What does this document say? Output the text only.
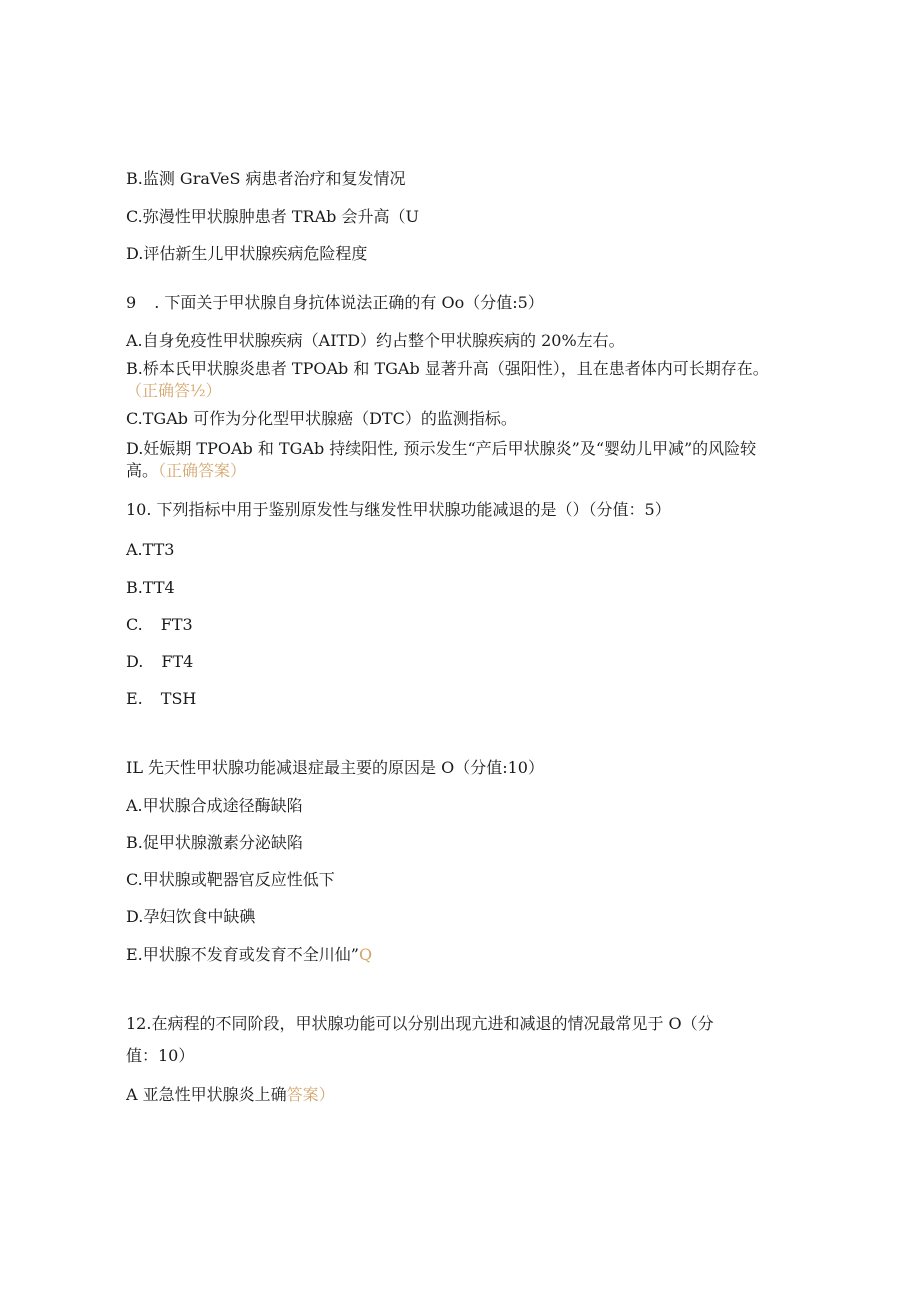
B.监测 GraVeS 病患者治疗和复发情况
C.弥漫性甲状腺肿患者 TRAb 会升高（U
D.评估新生儿甲状腺疾病危险程度
9 . 下面关于甲状腺自身抗体说法正确的有 Oo（分值:5）
A.自身免疫性甲状腺疾病（AITD）约占整个甲状腺疾病的 20%左右。
B.桥本氏甲状腺炎患者 TPOAb 和 TGAb 显著升高（强阳性），且在患者体内可长期存在。（正确答½）
C.TGAb 可作为分化型甲状腺癌（DTC）的监测指标。
D.妊娠期 TPOAb 和 TGAb 持续阳性, 预示发生“产后甲状腺炎”及“婴幼儿甲减”的风险较高。（正确答案）
10. 下列指标中用于鉴别原发性与继发性甲状腺功能减退的是（）（分值：5）
A.TT3
B.TT4
C. FT3
D. FT4
E. TSH
IL 先天性甲状腺功能减退症最主要的原因是 O（分值:10）
A.甲状腺合成途径酶缺陷
B.促甲状腺激素分泌缺陷
C.甲状腺或靶器官反应性低下
D.孕妇饮食中缺碘
E.甲状腺不发育或发育不全川仙”Q
12.在病程的不同阶段，甲状腺功能可以分别出现亢进和减退的情况最常见于 O（分
值：10）
A 亚急性甲状腺炎上确答案）
